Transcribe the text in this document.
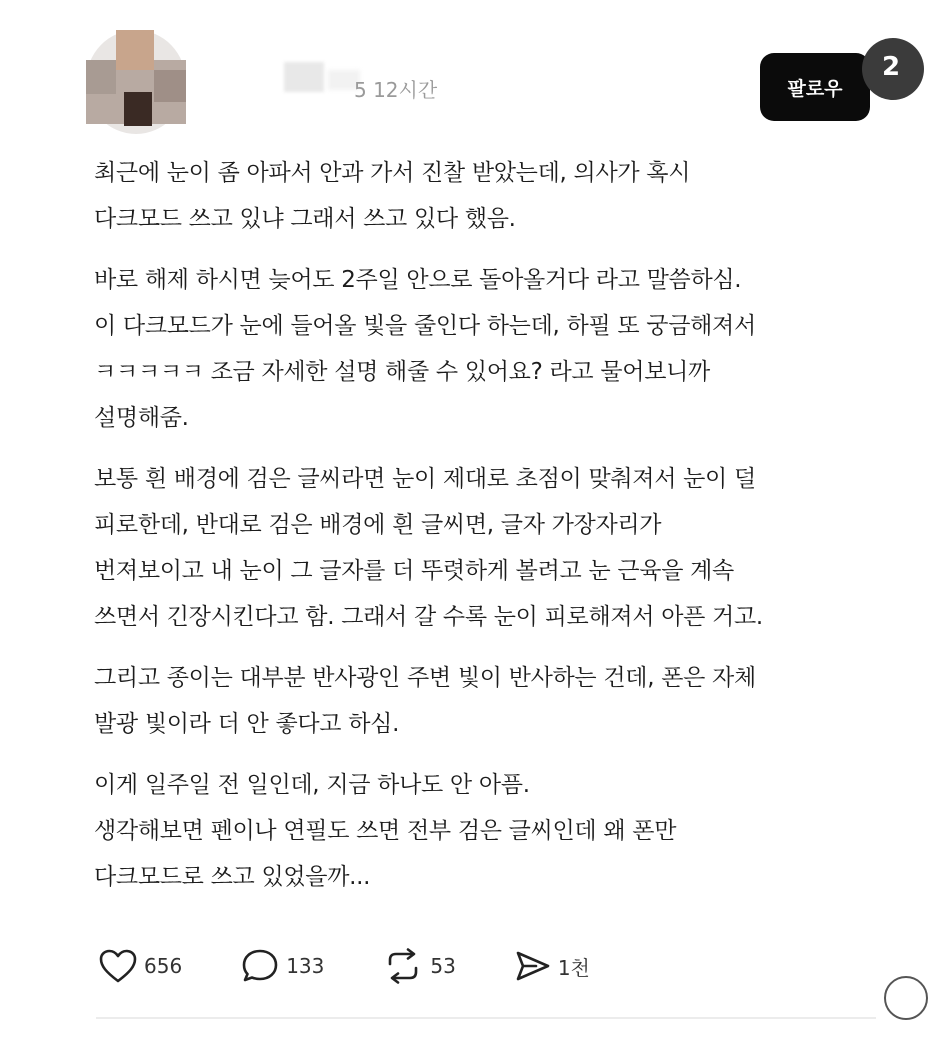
5 12시간	팔로우
2
최근에 눈이 좀 아파서 안과 가서 진찰 받았는데, 의사가 혹시
다크모드 쓰고 있냐 그래서 쓰고 있다 했음.
바로 해제 하시면 늦어도 2주일 안으로 돌아올거다 라고 말씀하심.
이 다크모드가 눈에 들어올 빛을 줄인다 하는데, 하필 또 궁금해져서
ㅋㅋㅋㅋㅋ 조금 자세한 설명 해줄 수 있어요? 라고 물어보니까
설명해줌.
보통 흰 배경에 검은 글씨라면 눈이 제대로 초점이 맞춰져서 눈이 덜
피로한데, 반대로 검은 배경에 흰 글씨면, 글자 가장자리가
번져보이고 내 눈이 그 글자를 더 뚜렷하게 볼려고 눈 근육을 계속
쓰면서 긴장시킨다고 함. 그래서 갈 수록 눈이 피로해져서 아픈 거고.
그리고 종이는 대부분 반사광인 주변 빛이 반사하는 건데, 폰은 자체
발광 빛이라 더 안 좋다고 하심.
이게 일주일 전 일인데, 지금 하나도 안 아픔.
생각해보면 펜이나 연필도 쓰면 전부 검은 글씨인데 왜 폰만
다크모드로 쓰고 있었을까...
656	133	53	1천
